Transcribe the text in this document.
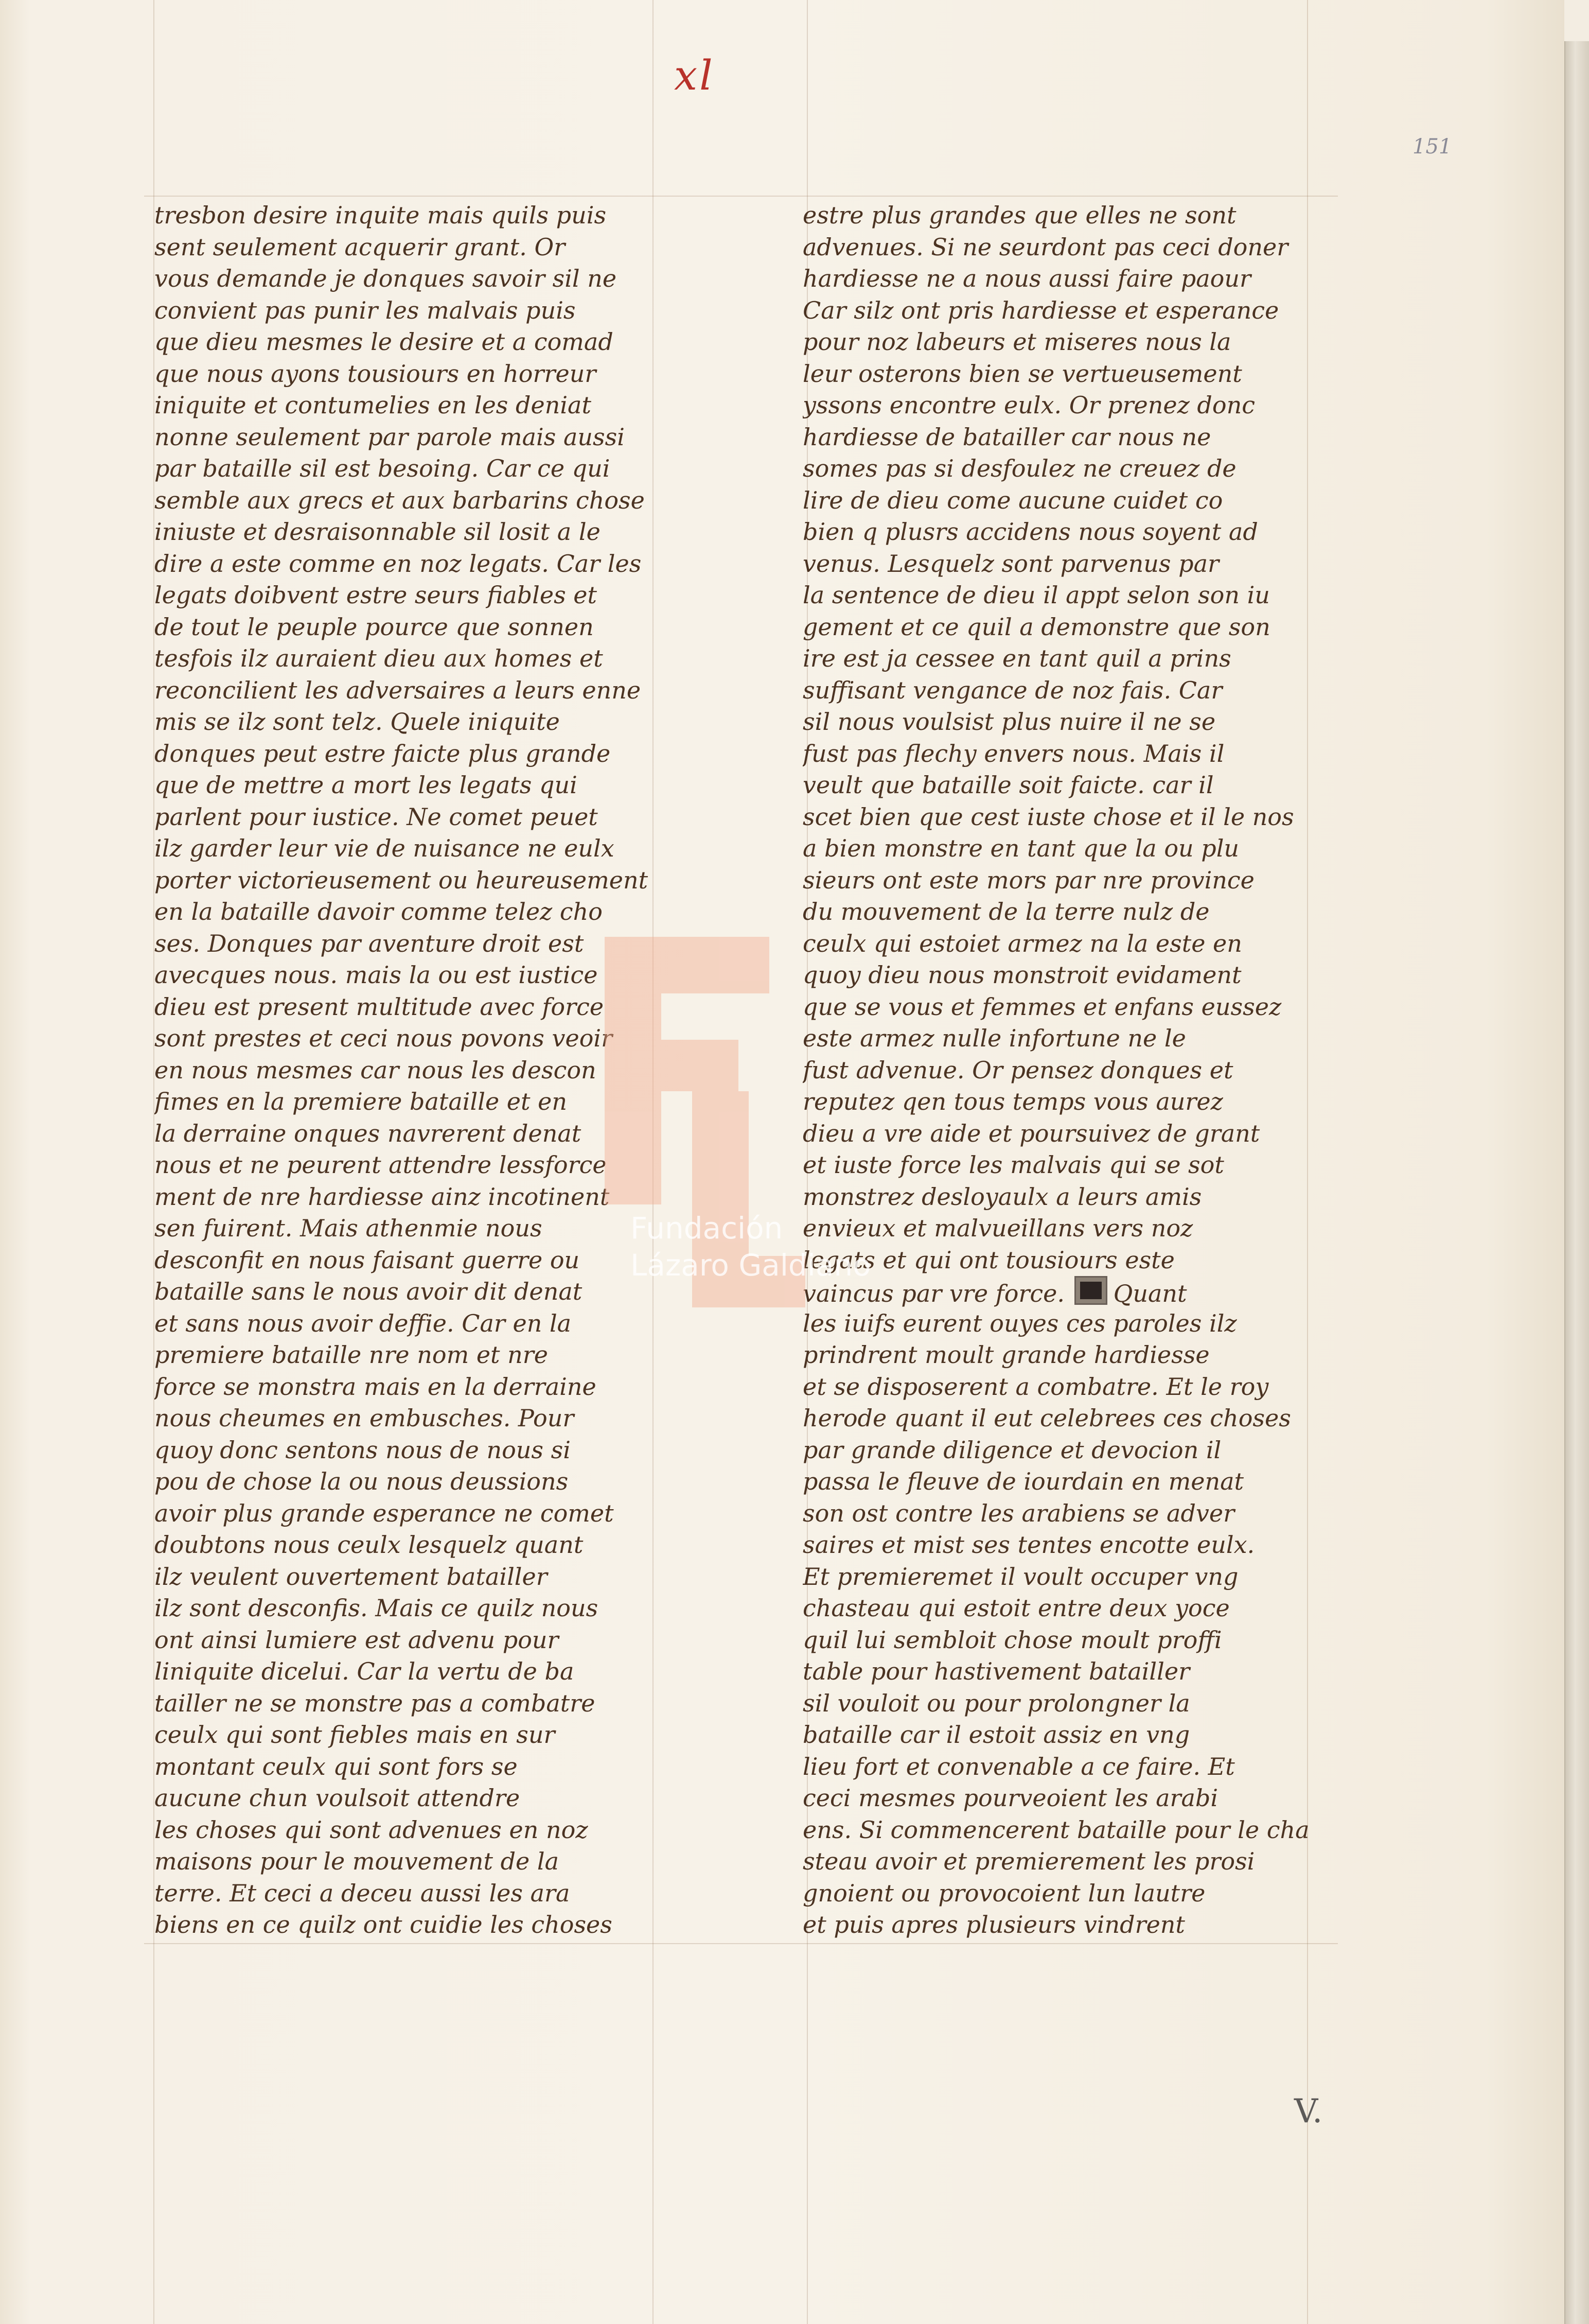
xl
151
V.
tresbon desire inquite mais quils puis
sent seulement acquerir grant. Or
vous demande je donques savoir sil ne
convient pas punir les malvais puis
que dieu mesmes le desire et a comad
que nous ayons tousiours en horreur
iniquite et contumelies en les deniat
nonne seulement par parole mais aussi
par bataille sil est besoing. Car ce qui
semble aux grecs et aux barbarins chose
iniuste et desraisonnable sil losit a le
dire a este comme en noz legats. Car les
legats doibvent estre seurs fiables et
de tout le peuple pource que sonnen
tesfois ilz auraient dieu aux homes et
reconcilient les adversaires a leurs enne
mis se ilz sont telz. Quele iniquite
donques peut estre faicte plus grande
que de mettre a mort les legats qui
parlent pour iustice. Ne comet peuet
ilz garder leur vie de nuisance ne eulx
porter victorieusement ou heureusement
en la bataille davoir comme telez cho
ses. Donques par aventure droit est
avecques nous. mais la ou est iustice
dieu est present multitude avec force
sont prestes et ceci nous povons veoir
en nous mesmes car nous les descon
fimes en la premiere bataille et en
la derraine onques navrerent denat
nous et ne peurent attendre lessforce
ment de nre hardiesse ainz incotinent
sen fuirent. Mais athenmie nous
desconfit en nous faisant guerre ou
bataille sans le nous avoir dit denat
et sans nous avoir deffie. Car en la
premiere bataille nre nom et nre
force se monstra mais en la derraine
nous cheumes en embusches. Pour
quoy donc sentons nous de nous si
pou de chose la ou nous deussions
avoir plus grande esperance ne comet
doubtons nous ceulx lesquelz quant
ilz veulent ouvertement batailler
ilz sont desconfis. Mais ce quilz nous
ont ainsi lumiere est advenu pour
liniquite dicelui. Car la vertu de ba
tailler ne se monstre pas a combatre
ceulx qui sont fiebles mais en sur
montant ceulx qui sont fors se
aucune chun voulsoit attendre
les choses qui sont advenues en noz
maisons pour le mouvement de la
terre. Et ceci a deceu aussi les ara
biens en ce quilz ont cuidie les choses
estre plus grandes que elles ne sont
advenues. Si ne seurdont pas ceci doner
hardiesse ne a nous aussi faire paour
Car silz ont pris hardiesse et esperance
pour noz labeurs et miseres nous la
leur osterons bien se vertueusement
yssons encontre eulx. Or prenez donc
hardiesse de batailler car nous ne
somes pas si desfoulez ne creuez de
lire de dieu come aucune cuidet co
bien q plusrs accidens nous soyent ad
venus. Lesquelz sont parvenus par
la sentence de dieu il appt selon son iu
gement et ce quil a demonstre que son
ire est ja cessee en tant quil a prins
suffisant vengance de noz fais. Car
sil nous voulsist plus nuire il ne se
fust pas flechy envers nous. Mais il
veult que bataille soit faicte. car il
scet bien que cest iuste chose et il le nos
a bien monstre en tant que la ou plu
sieurs ont este mors par nre province
du mouvement de la terre nulz de
ceulx qui estoiet armez na la este en
quoy dieu nous monstroit evidament
que se vous et femmes et enfans eussez
este armez nulle infortune ne le
fust advenue. Or pensez donques et
reputez qen tous temps vous aurez
dieu a vre aide et poursuivez de grant
et iuste force les malvais qui se sot
monstrez desloyaulx a leurs amis
envieux et malvueillans vers noz
legats et qui ont tousiours este
vaincus par vre force. Quant
les iuifs eurent ouyes ces paroles ilz
prindrent moult grande hardiesse
et se disposerent a combatre. Et le roy
herode quant il eut celebrees ces choses
par grande diligence et devocion il
passa le fleuve de iourdain en menat
son ost contre les arabiens se adver
saires et mist ses tentes encotte eulx.
Et premieremet il voult occuper vng
chasteau qui estoit entre deux yoce
quil lui sembloit chose moult proffi
table pour hastivement batailler
sil vouloit ou pour prolongner la
bataille car il estoit assiz en vng
lieu fort et convenable a ce faire. Et
ceci mesmes pourveoient les arabi
ens. Si commencerent bataille pour le cha
steau avoir et premierement les prosi
gnoient ou provocoient lun lautre
et puis apres plusieurs vindrent
Fundación
Lázaro Galdiano
